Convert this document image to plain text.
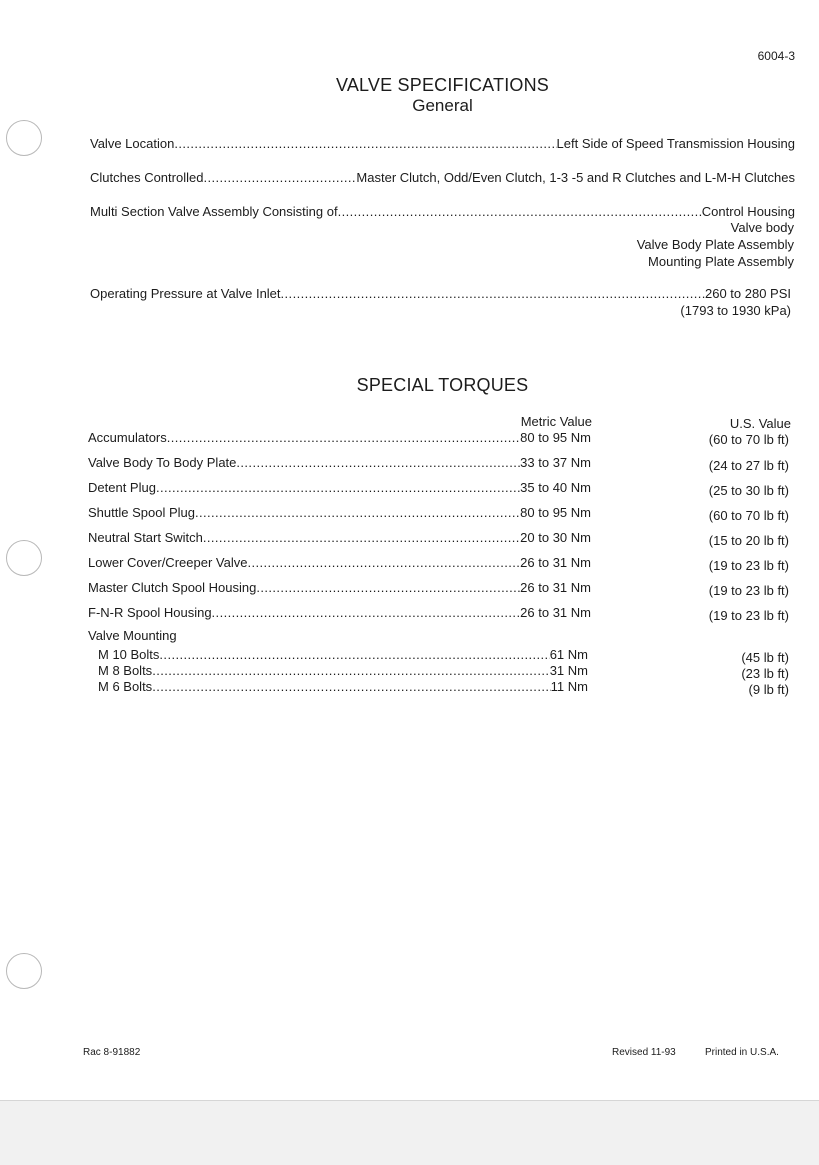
6004-3
VALVE SPECIFICATIONS
General
Valve Location .....	Left Side of Speed Transmission Housing
Clutches Controlled .....	Master Clutch, Odd/Even Clutch, 1-3 -5 and R Clutches and L-M-H Clutches
Multi Section Valve Assembly Consisting of .....	Control Housing
Valve body
Valve Body Plate Assembly
Mounting Plate Assembly
Operating Pressure at Valve Inlet .....	260 to 280 PSI
(1793 to 1930 kPa)
SPECIAL TORQUES
Metric Value	U.S. Value
Accumulators .....	80 to 95 Nm	(60 to 70 lb ft)
Valve Body To Body Plate .....	33 to 37 Nm	(24 to 27 lb ft)
Detent Plug .....	35 to 40 Nm	(25 to 30 lb ft)
Shuttle Spool Plug .....	80 to 95 Nm	(60 to 70 lb ft)
Neutral Start Switch .....	20 to 30 Nm	(15 to 20 lb ft)
Lower Cover/Creeper Valve .....	26 to 31 Nm	(19 to 23 lb ft)
Master Clutch Spool Housing .....	26 to 31 Nm	(19 to 23 lb ft)
F-N-R Spool Housing .....	26 to 31 Nm	(19 to 23 lb ft)
Valve Mounting
M 10 Bolts .....	61 Nm	(45 lb ft)
M 8 Bolts .....	31 Nm	(23 lb ft)
M 6 Bolts .....	11 Nm	(9 lb ft)
Rac 8-91882	Revised 11-93	Printed in U.S.A.
